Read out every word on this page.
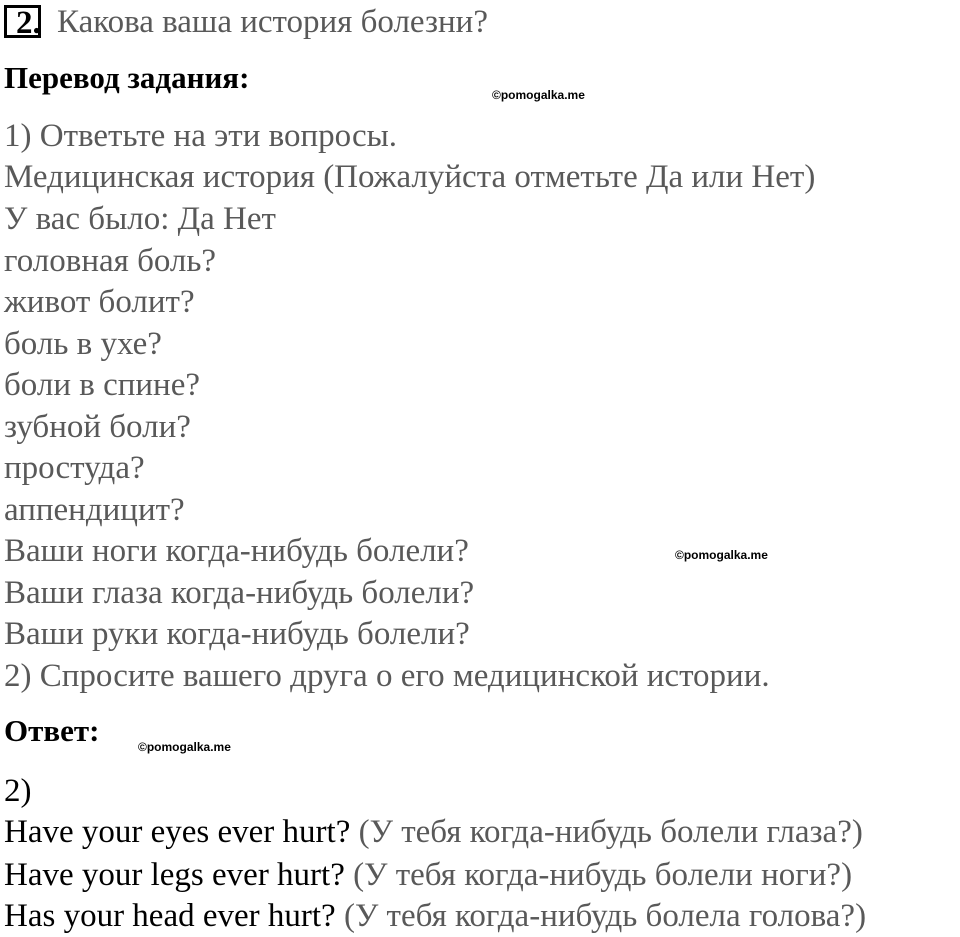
2. Какова ваша история болезни?
Перевод задания:	©pomogalka.me
1) Ответьте на эти вопросы.
Медицинская история (Пожалуйста отметьте Да или Нет)
У вас было: Да Нет
головная боль?
живот болит?
боль в ухе?
боли в спине?
зубной боли?
простуда?
аппендицит?
Ваши ноги когда-нибудь болели?	©pomogalka.me
Ваши глаза когда-нибудь болели?
Ваши руки когда-нибудь болели?
2) Спросите вашего друга о его медицинской истории.
Ответ:	©pomogalka.me
2)
Have your eyes ever hurt? (У тебя когда-нибудь болели глаза?)
Have your legs ever hurt? (У тебя когда-нибудь болели ноги?)
Has your head ever hurt? (У тебя когда-нибудь болела голова?)
